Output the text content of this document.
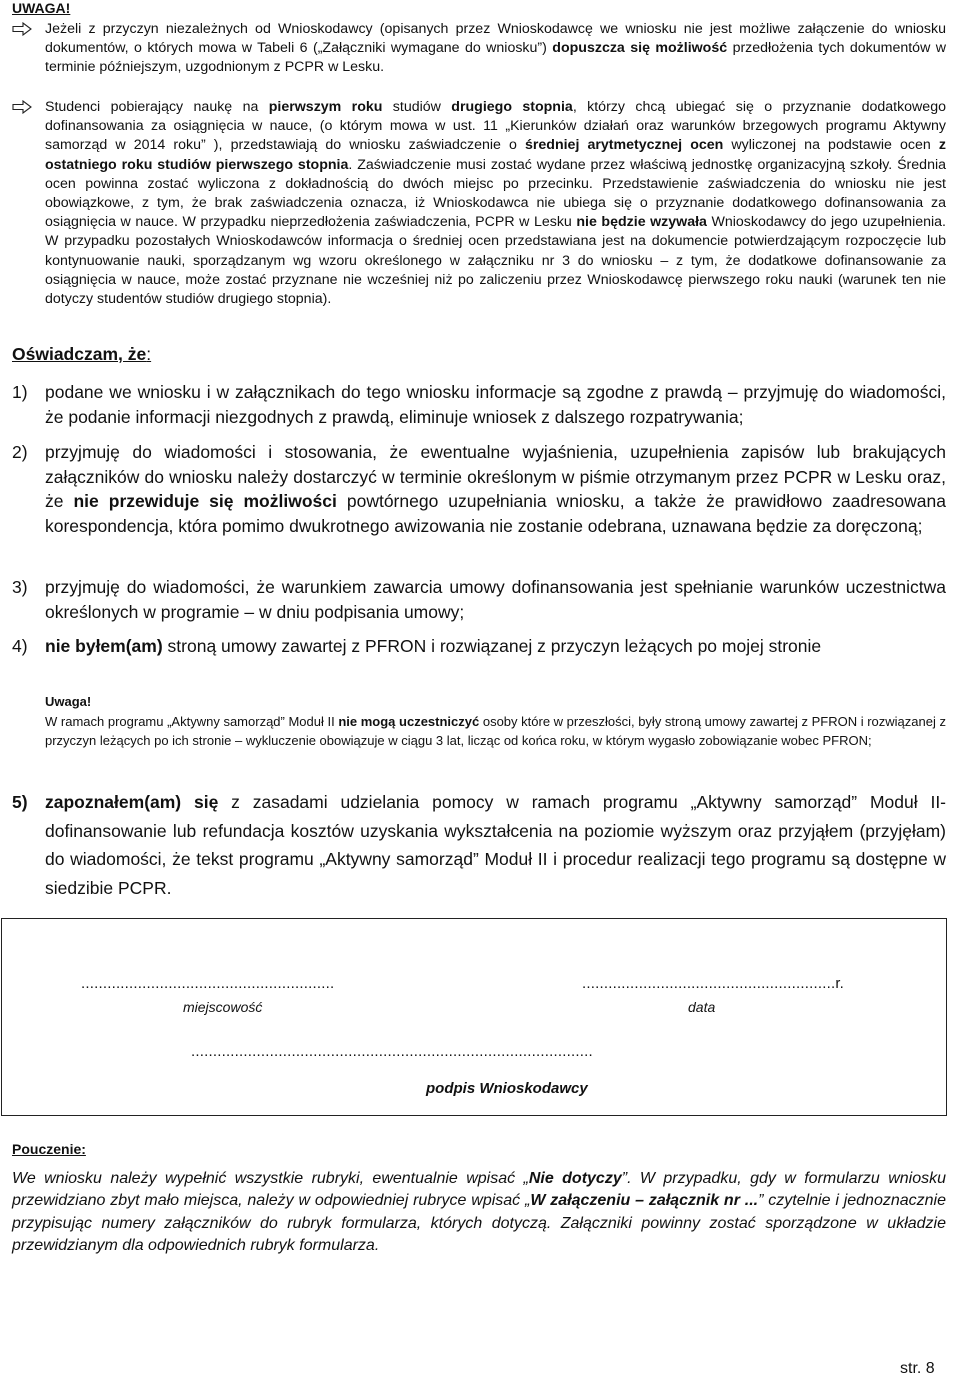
UWAGA!
Jeżeli z przyczyn niezależnych od Wnioskodawcy (opisanych przez Wnioskodawcę we wniosku nie jest możliwe załączenie do wniosku dokumentów, o których mowa w Tabeli 6 („Załączniki wymagane do wniosku”) dopuszcza się możliwość przedłożenia tych dokumentów w terminie późniejszym, uzgodnionym z PCPR w Lesku.
Studenci pobierający naukę na pierwszym roku studiów drugiego stopnia, którzy chcą ubiegać się o przyznanie dodatkowego dofinansowania za osiągnięcia w nauce, (o którym mowa w ust. 11 „Kierunków działań oraz warunków brzegowych programu Aktywny samorząd w 2014 roku” ), przedstawiają do wniosku zaświadczenie o średniej arytmetycznej ocen wyliczonej na podstawie ocen z ostatniego roku studiów pierwszego stopnia. Zaświadczenie musi zostać wydane przez właściwą jednostkę organizacyjną szkoły. Średnia ocen powinna zostać wyliczona z dokładnością do dwóch miejsc po przecinku. Przedstawienie zaświadczenia do wniosku nie jest obowiązkowe, z tym, że brak zaświadczenia oznacza, iż Wnioskodawca nie ubiega się o przyznanie dodatkowego dofinansowania za osiągnięcia w nauce. W przypadku nieprzedłożenia zaświadczenia, PCPR w Lesku nie będzie wzywała Wnioskodawcy do jego uzupełnienia. W przypadku pozostałych Wnioskodawców informacja o średniej ocen przedstawiana jest na dokumencie potwierdzającym rozpoczęcie lub kontynuowanie nauki, sporządzanym wg wzoru określonego w załączniku nr 3 do wniosku – z tym, że dodatkowe dofinansowanie za osiągnięcia w nauce, może zostać przyznane nie wcześniej niż po zaliczeniu przez Wnioskodawcę pierwszego roku nauki (warunek ten nie dotyczy studentów studiów drugiego stopnia).
Oświadczam, że:
1) podane we wniosku i w załącznikach do tego wniosku informacje są zgodne z prawdą – przyjmuję do wiadomości, że podanie informacji niezgodnych z prawdą, eliminuje wniosek z dalszego rozpatrywania;
2) przyjmuję do wiadomości i stosowania, że ewentualne wyjaśnienia, uzupełnienia zapisów lub brakujących załączników do wniosku należy dostarczyć w terminie określonym w piśmie otrzymanym przez PCPR w Lesku oraz, że nie przewiduje się możliwości powtórnego uzupełniania wniosku, a także że prawidłowo zaadresowana korespondencja, która pomimo dwukrotnego awizowania nie zostanie odebrana, uznawana będzie za doręczoną;
3) przyjmuję do wiadomości, że warunkiem zawarcia umowy dofinansowania jest spełnianie warunków uczestnictwa określonych w programie – w dniu podpisania umowy;
4) nie byłem(am) stroną umowy zawartej z PFRON i rozwiązanej z przyczyn leżących po mojej stronie
Uwaga!
W ramach programu „Aktywny samorząd” Moduł II nie mogą uczestniczyć osoby które w przeszłości, były stroną umowy zawartej z PFRON i rozwiązanej z przyczyn leżących po ich stronie – wykluczenie obowiązuje w ciągu 3 lat, licząc od końca roku, w którym wygasło zobowiązanie wobec PFRON;
5) zapoznałem(am) się z zasadami udzielania pomocy w ramach programu „Aktywny samorząd” Moduł II- dofinansowanie lub refundacja kosztów uzyskania wykształcenia na poziomie wyższym oraz przyjąłem (przyjęłam) do wiadomości, że tekst programu „Aktywny samorząd” Moduł II i procedur realizacji tego programu są dostępne w siedzibie PCPR.
..........................................................
miejscowość
..........................................................r.
data
............................................................................................
podpis Wnioskodawcy
Pouczenie:
We wniosku należy wypełnić wszystkie rubryki, ewentualnie wpisać „Nie dotyczy”. W przypadku, gdy w formularzu wniosku przewidziano zbyt mało miejsca, należy w odpowiedniej rubryce wpisać „W załączeniu – załącznik nr ...” czytelnie i jednoznacznie przypisując numery załączników do rubryk formularza, których dotyczą. Załączniki powinny zostać sporządzone w układzie przewidzianym dla odpowiednich rubryk formularza.
str. 8
